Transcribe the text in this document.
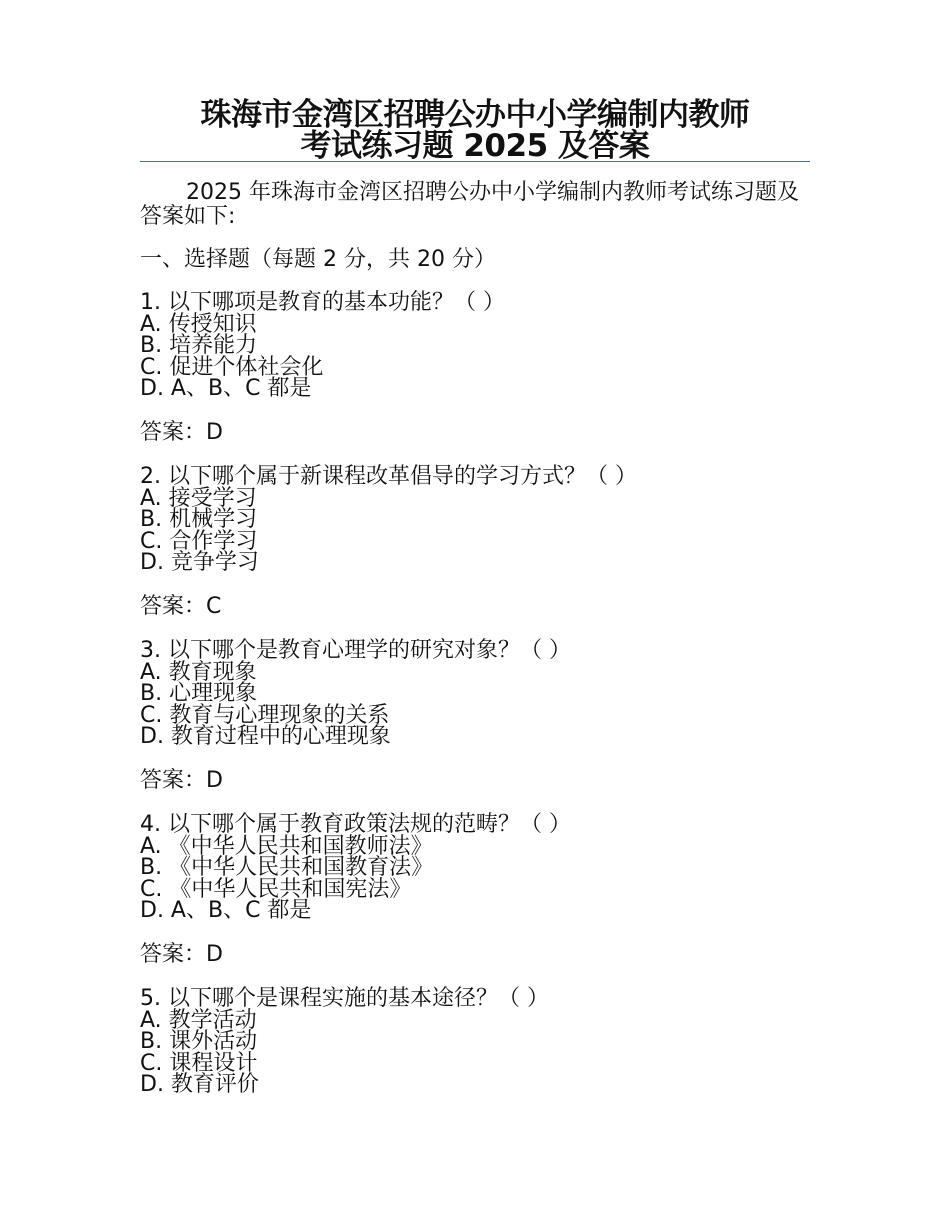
珠海市金湾区招聘公办中小学编制内教师
考试练习题 2025 及答案
2025 年珠海市金湾区招聘公办中小学编制内教师考试练习题及答案如下:
一、选择题（每题 2 分，共 20 分）
1. 以下哪项是教育的基本功能？（ ）
A. 传授知识
B. 培养能力
C. 促进个体社会化
D. A、B、C 都是
答案：D
2. 以下哪个属于新课程改革倡导的学习方式？（ ）
A. 接受学习
B. 机械学习
C. 合作学习
D. 竞争学习
答案：C
3. 以下哪个是教育心理学的研究对象？（ ）
A. 教育现象
B. 心理现象
C. 教育与心理现象的关系
D. 教育过程中的心理现象
答案：D
4. 以下哪个属于教育政策法规的范畴？（ ）
A. 《中华人民共和国教师法》
B. 《中华人民共和国教育法》
C. 《中华人民共和国宪法》
D. A、B、C 都是
答案：D
5. 以下哪个是课程实施的基本途径？（ ）
A. 教学活动
B. 课外活动
C. 课程设计
D. 教育评价
